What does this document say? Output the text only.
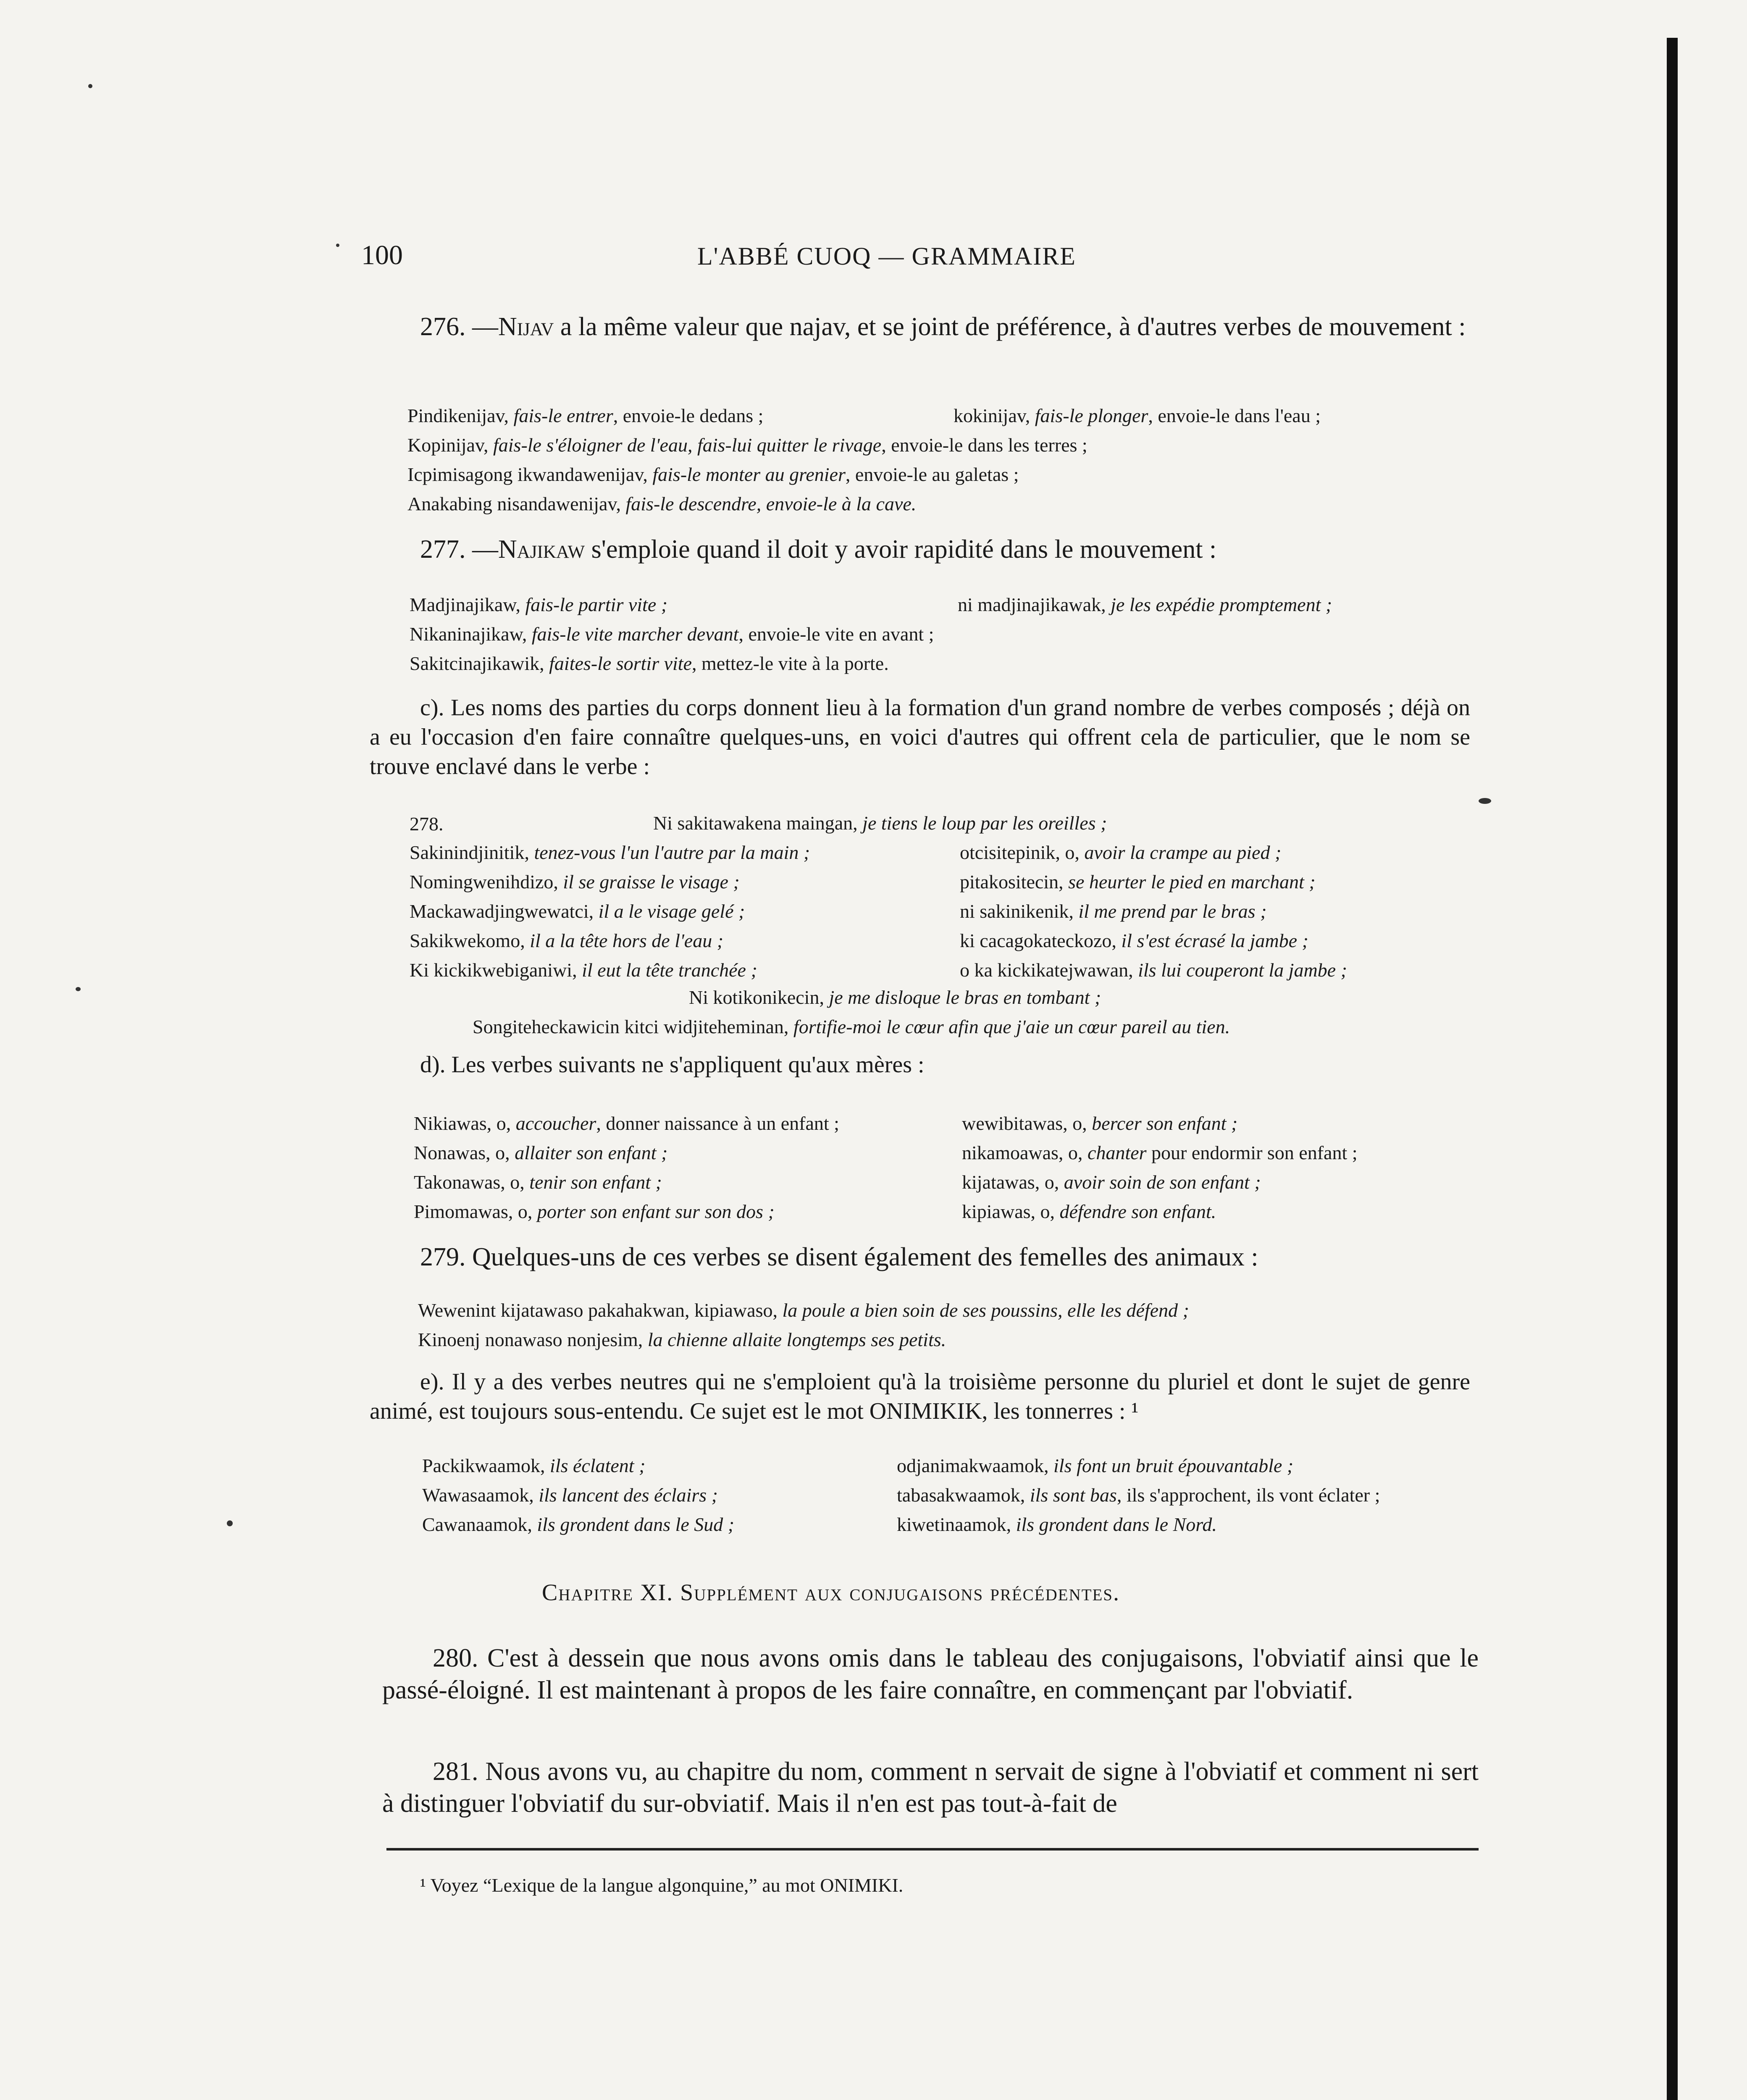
100	L'ABBÉ CUOQ — GRAMMAIRE
276. —Nijav a la même valeur que najav, et se joint de préférence, à d'autres verbes de mouvement :
Pindikenijav, fais-le entrer, envoie-le dedans ;	kokinijav, fais-le plonger, envoie-le dans l'eau ;
Kopinijav, fais-le s'éloigner de l'eau, fais-lui quitter le rivage, envoie-le dans les terres ;
Icpimisagong ikwandawenijav, fais-le monter au grenier, envoie-le au galetas ;
Anakabing nisandawenijav, fais-le descendre, envoie-le à la cave.
277. —Najikaw s'emploie quand il doit y avoir rapidité dans le mouvement :
Madjinajikaw, fais-le partir vite ;	ni madjinajikawak, je les expédie promptement ;
Nikaninajikaw, fais-le vite marcher devant, envoie-le vite en avant ;
Sakitcinajikawik, faites-le sortir vite, mettez-le vite à la porte.
c). Les noms des parties du corps donnent lieu à la formation d'un grand nombre de verbes composés ; déjà on a eu l'occasion d'en faire connaître quelques-uns, en voici d'autres qui offrent cela de particulier, que le nom se trouve enclavé dans le verbe :
278.	Ni sakitawakena maingan, je tiens le loup par les oreilles ;
Sakinindjinitik, tenez-vous l'un l'autre par la main ;	otcisitepinik, o, avoir la crampe au pied ;
Nomingwenihdizo, il se graisse le visage ;	pitakositecin, se heurter le pied en marchant ;
Mackawadjingwewatci, il a le visage gelé ;	ni sakinikenik, il me prend par le bras ;
Sakikwekomo, il a la tête hors de l'eau ;	ki cacagokateckozo, il s'est écrasé la jambe ;
Ki kickikwebiganiwi, il eut la tête tranchée ;	o ka kickikatejwawan, ils lui couperont la jambe ;
Ni kotikonikecin, je me disloque le bras en tombant ;
Songiteheckawicin kitci widjiteheminan, fortifie-moi le cœur afin que j'aie un cœur pareil au tien.
d). Les verbes suivants ne s'appliquent qu'aux mères :
Nikiawas, o, accoucher, donner naissance à un enfant ;	wewibitawas, o, bercer son enfant ;
Nonawas, o, allaiter son enfant ;	nikamoawas, o, chanter pour endormir son enfant ;
Takonawas, o, tenir son enfant ;	kijatawas, o, avoir soin de son enfant ;
Pimomawas, o, porter son enfant sur son dos ;	kipiawas, o, défendre son enfant.
279. Quelques-uns de ces verbes se disent également des femelles des animaux :
Wewenint kijatawaso pakahakwan, kipiawaso, la poule a bien soin de ses poussins, elle les défend ;
Kinoenj nonawaso nonjesim, la chienne allaite longtemps ses petits.
e). Il y a des verbes neutres qui ne s'emploient qu'à la troisième personne du pluriel et dont le sujet de genre animé, est toujours sous-entendu. Ce sujet est le mot ONIMIKIK, les tonnerres : ¹
Packikwaamok, ils éclatent ;	odjanimakwaamok, ils font un bruit épouvantable ;
Wawasaamok, ils lancent des éclairs ;	tabasakwaamok, ils sont bas, ils s'approchent, ils vont éclater ;
Cawanaamok, ils grondent dans le Sud ;	kiwetinaamok, ils grondent dans le Nord.
Chapitre XI. Supplément aux conjugaisons précédentes.
280. C'est à dessein que nous avons omis dans le tableau des conjugaisons, l'obviatif ainsi que le passé-éloigné. Il est maintenant à propos de les faire connaître, en commençant par l'obviatif.
281. Nous avons vu, au chapitre du nom, comment n servait de signe à l'obviatif et comment ni sert à distinguer l'obviatif du sur-obviatif. Mais il n'en est pas tout-à-fait de
¹ Voyez “Lexique de la langue algonquine,” au mot ONIMIKI.
